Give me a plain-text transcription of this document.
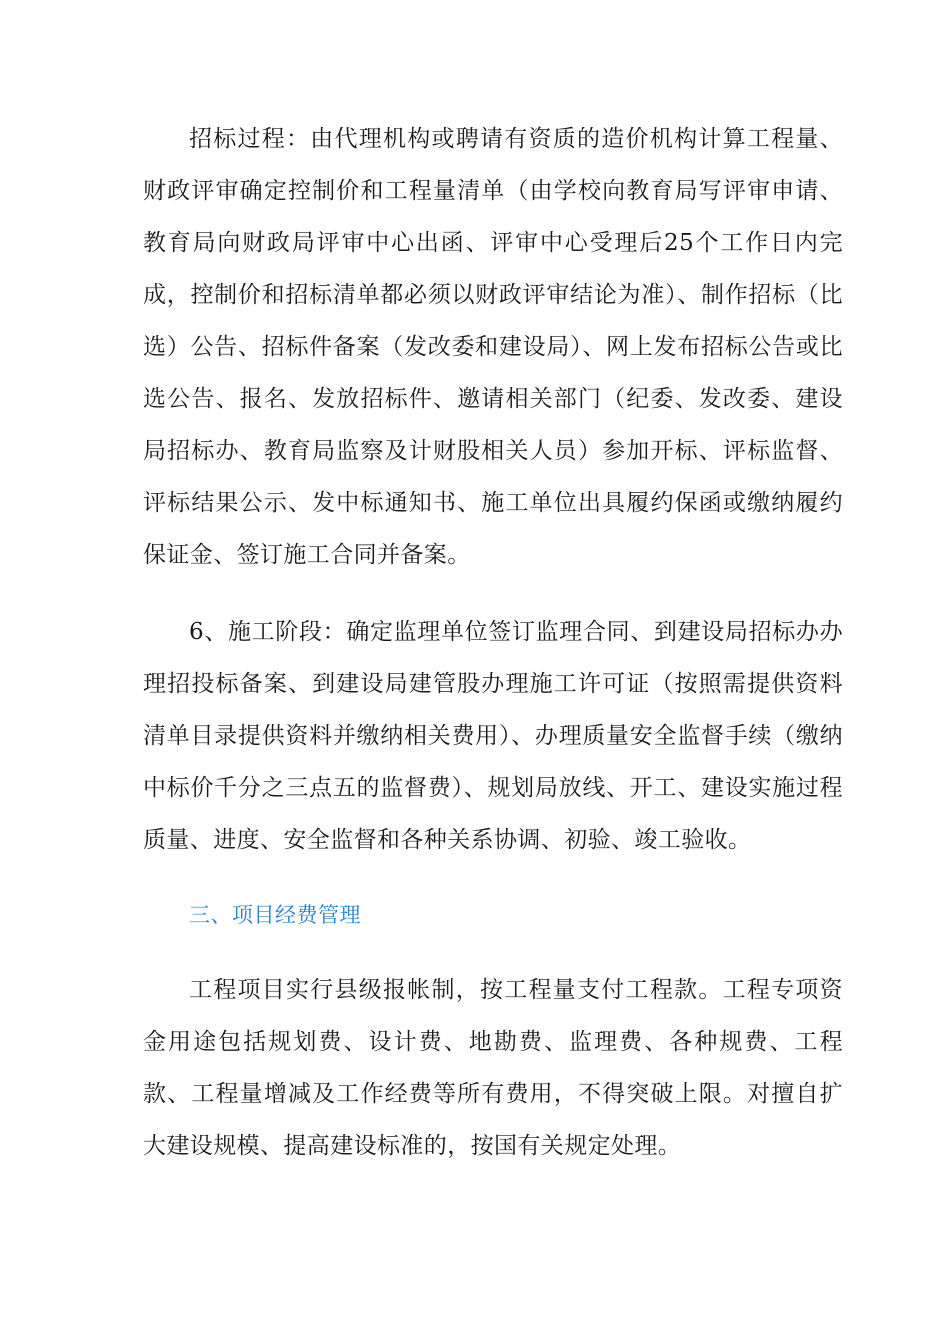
招标过程：由代理机构或聘请有资质的造价机构计算工程量、财政评审确定控制价和工程量清单（由学校向教育局写评审申请、教育局向财政局评审中心出函、评审中心受理后25个工作日内完成，控制价和招标清单都必须以财政评审结论为准）、制作招标（比选）公告、招标件备案（发改委和建设局）、网上发布招标公告或比选公告、报名、发放招标件、邀请相关部门（纪委、发改委、建设局招标办、教育局监察及计财股相关人员）参加开标、评标监督、评标结果公示、发中标通知书、施工单位出具履约保函或缴纳履约保证金、签订施工合同并备案。

6、施工阶段：确定监理单位签订监理合同、到建设局招标办办理招投标备案、到建设局建管股办理施工许可证（按照需提供资料清单目录提供资料并缴纳相关费用）、办理质量安全监督手续（缴纳中标价千分之三点五的监督费）、规划局放线、开工、建设实施过程质量、进度、安全监督和各种关系协调、初验、竣工验收。

三、项目经费管理

工程项目实行县级报帐制，按工程量支付工程款。工程专项资金用途包括规划费、设计费、地勘费、监理费、各种规费、工程款、工程量增减及工作经费等所有费用，不得突破上限。对擅自扩大建设规模、提高建设标准的，按国有关规定处理。
